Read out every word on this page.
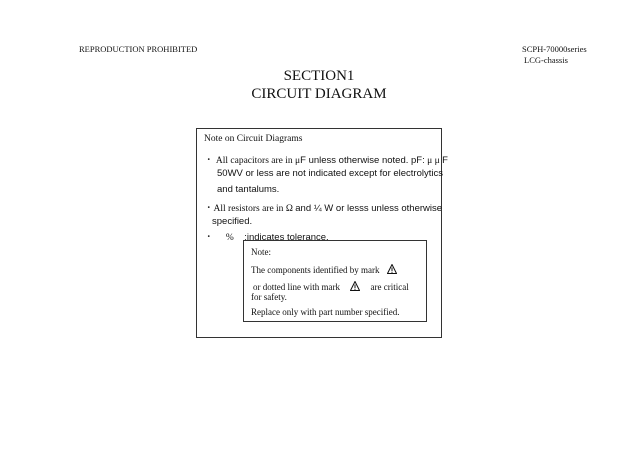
REPRODUCTION PROHIBITED	SCPH-70000series
LCG-chassis
SECTION1
CIRCUIT DIAGRAM
Note on Circuit Diagrams
・ All capacitors are in μF unless otherwise noted. pF: μ μ F
50WV or less are not indicated except for electrolytics
and tantalums.
・All resistors are in Ω and ¼ W or lesss unless otherwise
specified.
・ % :indicates tolerance.
Note:
The components identified by mark
or dotted line with mark	are critical
for safety.
Replace only with part number specified.
